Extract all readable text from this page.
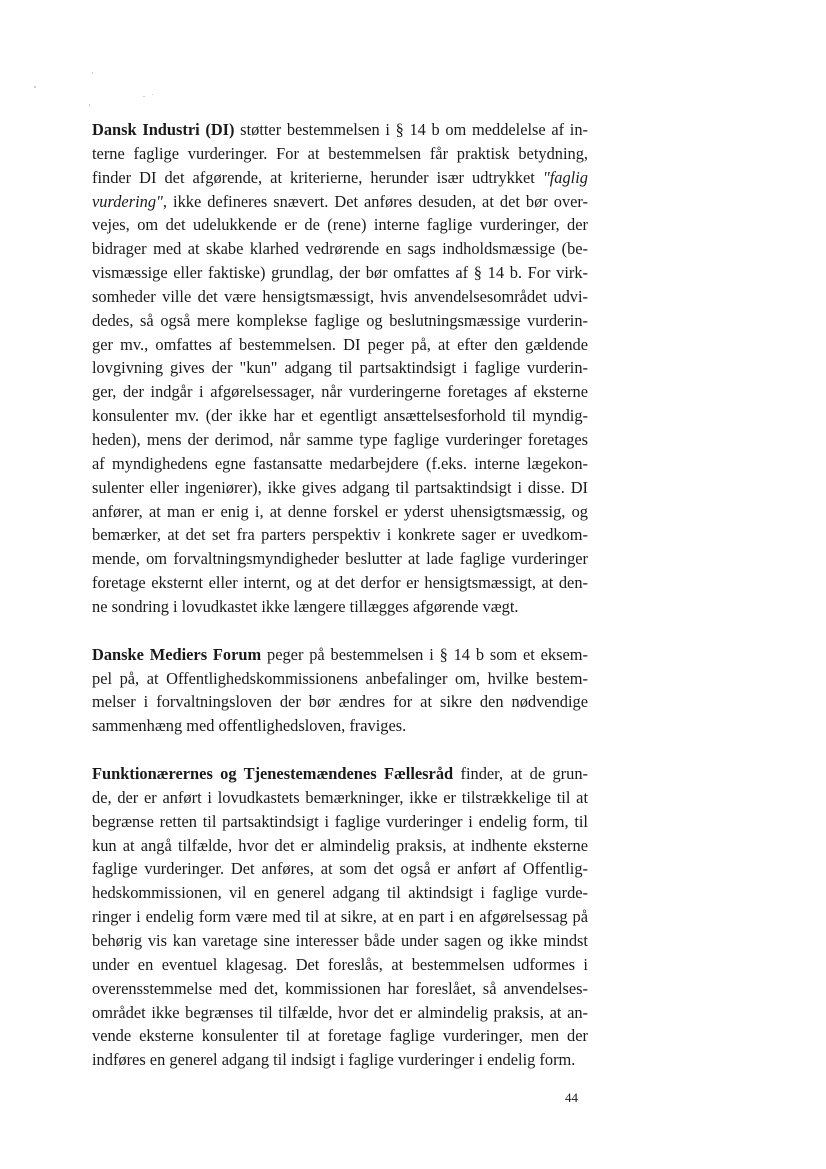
Dansk Industri (DI) støtter bestemmelsen i § 14 b om meddelelse af in-
terne faglige vurderinger. For at bestemmelsen får praktisk betydning,
finder DI det afgørende, at kriterierne, herunder især udtrykket "faglig
vurdering", ikke defineres snævert. Det anføres desuden, at det bør over-
vejes, om det udelukkende er de (rene) interne faglige vurderinger, der
bidrager med at skabe klarhed vedrørende en sags indholdsmæssige (be-
vismæssige eller faktiske) grundlag, der bør omfattes af § 14 b. For virk-
somheder ville det være hensigtsmæssigt, hvis anvendelsesområdet udvi-
dedes, så også mere komplekse faglige og beslutningsmæssige vurderin-
ger mv., omfattes af bestemmelsen. DI peger på, at efter den gældende
lovgivning gives der "kun" adgang til partsaktindsigt i faglige vurderin-
ger, der indgår i afgørelsessager, når vurderingerne foretages af eksterne
konsulenter mv. (der ikke har et egentligt ansættelsesforhold til myndig-
heden), mens der derimod, når samme type faglige vurderinger foretages
af myndighedens egne fastansatte medarbejdere (f.eks. interne lægekon-
sulenter eller ingeniører), ikke gives adgang til partsaktindsigt i disse. DI
anfører, at man er enig i, at denne forskel er yderst uhensigtsmæssig, og
bemærker, at det set fra parters perspektiv i konkrete sager er uvedkom-
mende, om forvaltningsmyndigheder beslutter at lade faglige vurderinger
foretage eksternt eller internt, og at det derfor er hensigtsmæssigt, at den-
ne sondring i lovudkastet ikke længere tillægges afgørende vægt.
Danske Mediers Forum peger på bestemmelsen i § 14 b som et eksem-
pel på, at Offentlighedskommissionens anbefalinger om, hvilke bestem-
melser i forvaltningsloven der bør ændres for at sikre den nødvendige
sammenhæng med offentlighedsloven, fraviges.
Funktionærernes og Tjenestemændenes Fællesråd finder, at de grun-
de, der er anført i lovudkastets bemærkninger, ikke er tilstrækkelige til at
begrænse retten til partsaktindsigt i faglige vurderinger i endelig form, til
kun at angå tilfælde, hvor det er almindelig praksis, at indhente eksterne
faglige vurderinger. Det anføres, at som det også er anført af Offentlig-
hedskommissionen, vil en generel adgang til aktindsigt i faglige vurde-
ringer i endelig form være med til at sikre, at en part i en afgørelsessag på
behørig vis kan varetage sine interesser både under sagen og ikke mindst
under en eventuel klagesag. Det foreslås, at bestemmelsen udformes i
overensstemmelse med det, kommissionen har foreslået, så anvendelses-
området ikke begrænses til tilfælde, hvor det er almindelig praksis, at an-
vende eksterne konsulenter til at foretage faglige vurderinger, men der
indføres en generel adgang til indsigt i faglige vurderinger i endelig form.
44
